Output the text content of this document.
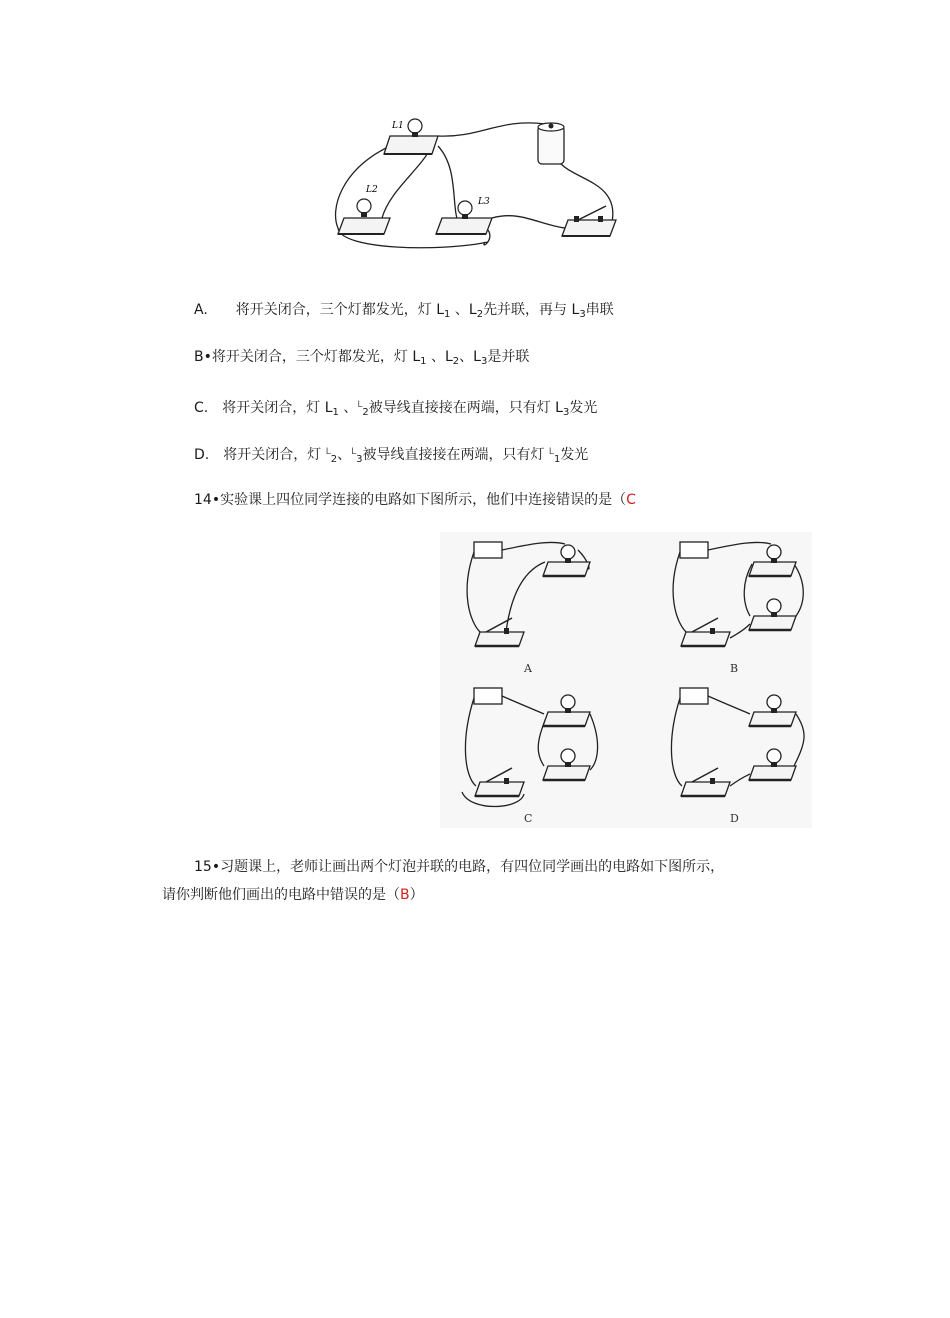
L1
L2
L3
A. 将开关闭合，三个灯都发光，灯 $L_1$ 、$L_2$先并联，再与 $L_3$串联
B•将开关闭合，三个灯都发光，灯 $L_1$ 、$L_2$、$L_3$是并联
C. 将开关闭合，灯 $L_1$ 、$^L_2$被导线直接接在两端，只有灯 $L_3$发光
D. 将开关闭合，灯 $^L_2$、$^L_3$被导线直接接在两端，只有灯 $^L_1$发光
14•实验课上四位同学连接的电路如下图所示，他们中连接错误的是（C
A	B
C	D
15•习题课上，老师让画出两个灯泡并联的电路，有四位同学画出的电路如下图所示，
请你判断他们画出的电路中错误的是（B）
